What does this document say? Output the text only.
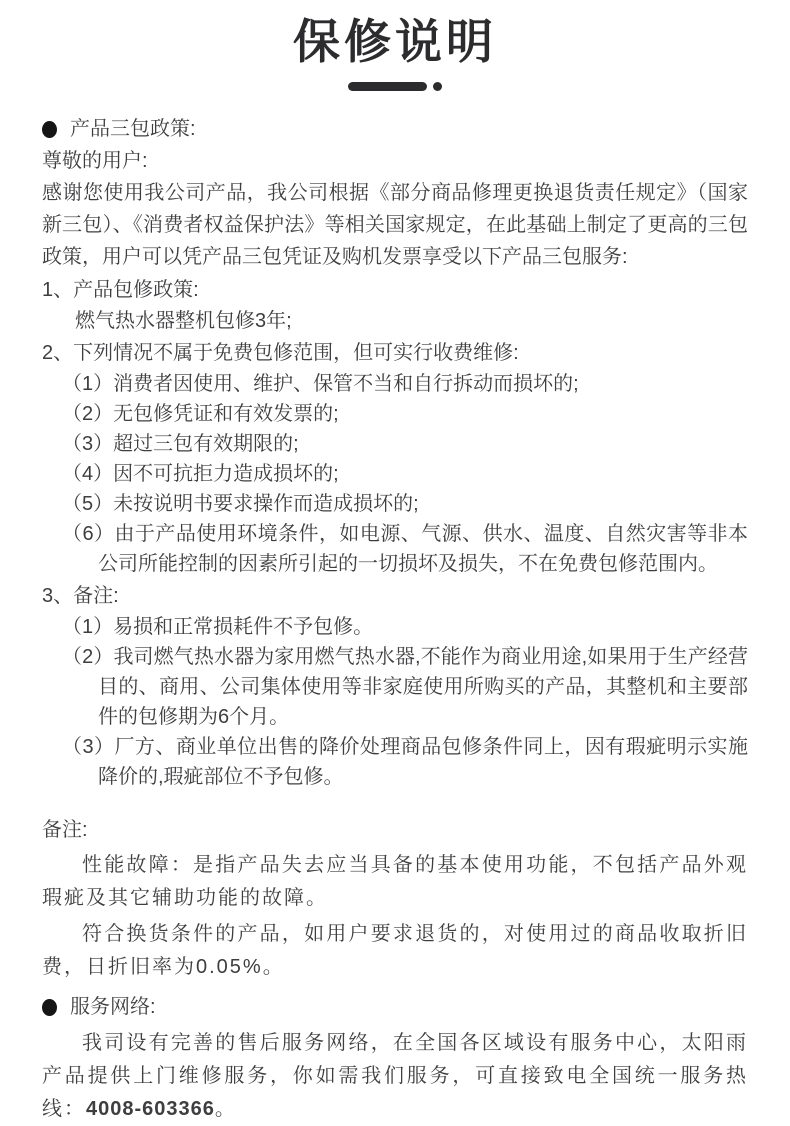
保修说明
产品三包政策:

尊敬的用户:

感谢您使用我公司产品，我公司根据《部分商品修理更换退货责任规定》（国家新三包）、《消费者权益保护法》等相关国家规定，在此基础上制定了更高的三包政策，用户可以凭产品三包凭证及购机发票享受以下产品三包服务:

1、产品包修政策:

燃气热水器整机包修3年;

2、下列情况不属于免费包修范围，但可实行收费维修:

（1）消费者因使用、维护、保管不当和自行拆动而损坏的;
（2）无包修凭证和有效发票的;
（3）超过三包有效期限的;
（4）因不可抗拒力造成损坏的;
（5）未按说明书要求操作而造成损坏的;
（6）由于产品使用环境条件，如电源、气源、供水、温度、自然灾害等非本公司所能控制的因素所引起的一切损坏及损失，不在免费包修范围内。

3、备注:

（1）易损和正常损耗件不予包修。
（2）我司燃气热水器为家用燃气热水器,不能作为商业用途,如果用于生产经营目的、商用、公司集体使用等非家庭使用所购买的产品，其整机和主要部件的包修期为6个月。
（3）厂方、商业单位出售的降价处理商品包修条件同上，因有瑕疵明示实施降价的,瑕疵部位不予包修。

备注:

性能故障：是指产品失去应当具备的基本使用功能，不包括产品外观瑕疵及其它辅助功能的故障。

符合换货条件的产品，如用户要求退货的，对使用过的商品收取折旧费，日折旧率为0.05%。

服务网络:

我司设有完善的售后服务网络，在全国各区域设有服务中心，太阳雨产品提供上门维修服务，你如需我们服务，可直接致电全国统一服务热线：4008-603366。
